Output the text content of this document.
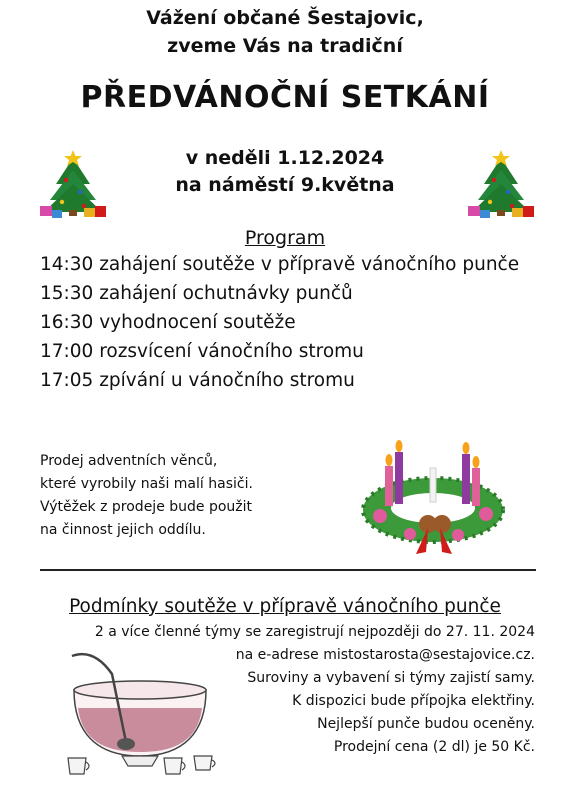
Vážení občané Šestajovic,
zveme Vás na tradiční
PŘEDVÁNOČNÍ SETKÁNÍ
v neděli 1.12.2024
na náměstí 9.května
Program
14:30 zahájení soutěže v přípravě vánočního punče
15:30 zahájení ochutnávky punčů
16:30 vyhodnocení soutěže
17:00 rozsvícení vánočního stromu
17:05 zpívání u vánočního stromu
Prodej adventních věnců,
které vyrobily naši malí hasiči.
Výtěžek z prodeje bude použit
na činnost jejich oddílu.
Podmínky soutěže v přípravě vánočního punče
2 a více členné týmy se zaregistrují nejpozději do 27. 11. 2024
na e-adrese mistostarosta@sestajovice.cz.
Suroviny a vybavení si týmy zajistí samy.
K dispozici bude přípojka elektřiny.
Nejlepší punče budou oceněny.
Prodejní cena (2 dl) je 50 Kč.
